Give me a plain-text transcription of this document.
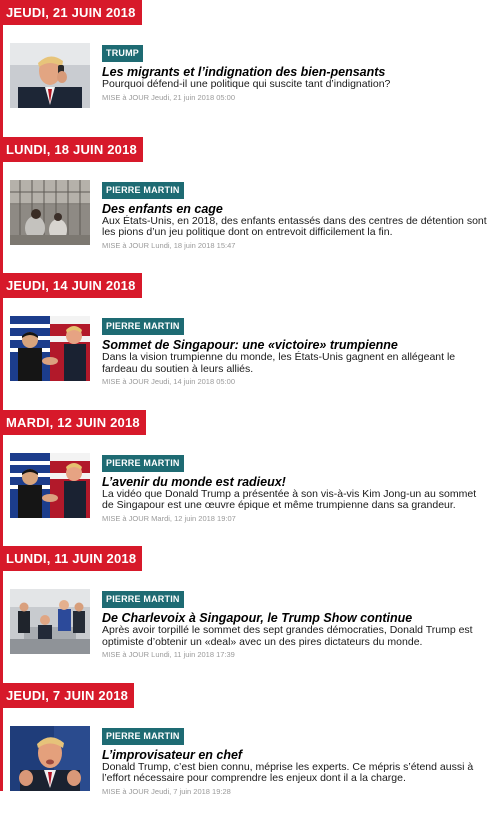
JEUDI, 21 JUIN 2018
TRUMP
Les migrants et l’indignation des bien-pensants
Pourquoi défend-il une politique qui suscite tant d’indignation?
MISE à JOUR Jeudi, 21 juin 2018 05:00
LUNDI, 18 JUIN 2018
PIERRE MARTIN
Des enfants en cage
Aux États-Unis, en 2018, des enfants entassés dans des centres de détention sont les pions d’un jeu politique dont on entrevoit difficilement la fin.
MISE à JOUR Lundi, 18 juin 2018 15:47
JEUDI, 14 JUIN 2018
PIERRE MARTIN
Sommet de Singapour: une «victoire» trumpienne
Dans la vision trumpienne du monde, les États-Unis gagnent en allégeant le fardeau du soutien à leurs alliés.
MISE à JOUR Jeudi, 14 juin 2018 05:00
MARDI, 12 JUIN 2018
PIERRE MARTIN
L’avenir du monde est radieux!
La vidéo que Donald Trump a présentée à son vis-à-vis Kim Jong-un au sommet de Singapour est une œuvre épique et même trumpienne dans sa grandeur.
MISE à JOUR Mardi, 12 juin 2018 19:07
LUNDI, 11 JUIN 2018
PIERRE MARTIN
De Charlevoix à Singapour, le Trump Show continue
Après avoir torpillé le sommet des sept grandes démocraties, Donald Trump est optimiste d’obtenir un «deal» avec un des pires dictateurs du monde.
MISE à JOUR Lundi, 11 juin 2018 17:39
JEUDI, 7 JUIN 2018
PIERRE MARTIN
L’improvisateur en chef
Donald Trump, c’est bien connu, méprise les experts. Ce mépris s’étend aussi à l’effort nécessaire pour comprendre les enjeux dont il a la charge.
MISE à JOUR Jeudi, 7 juin 2018 19:28
